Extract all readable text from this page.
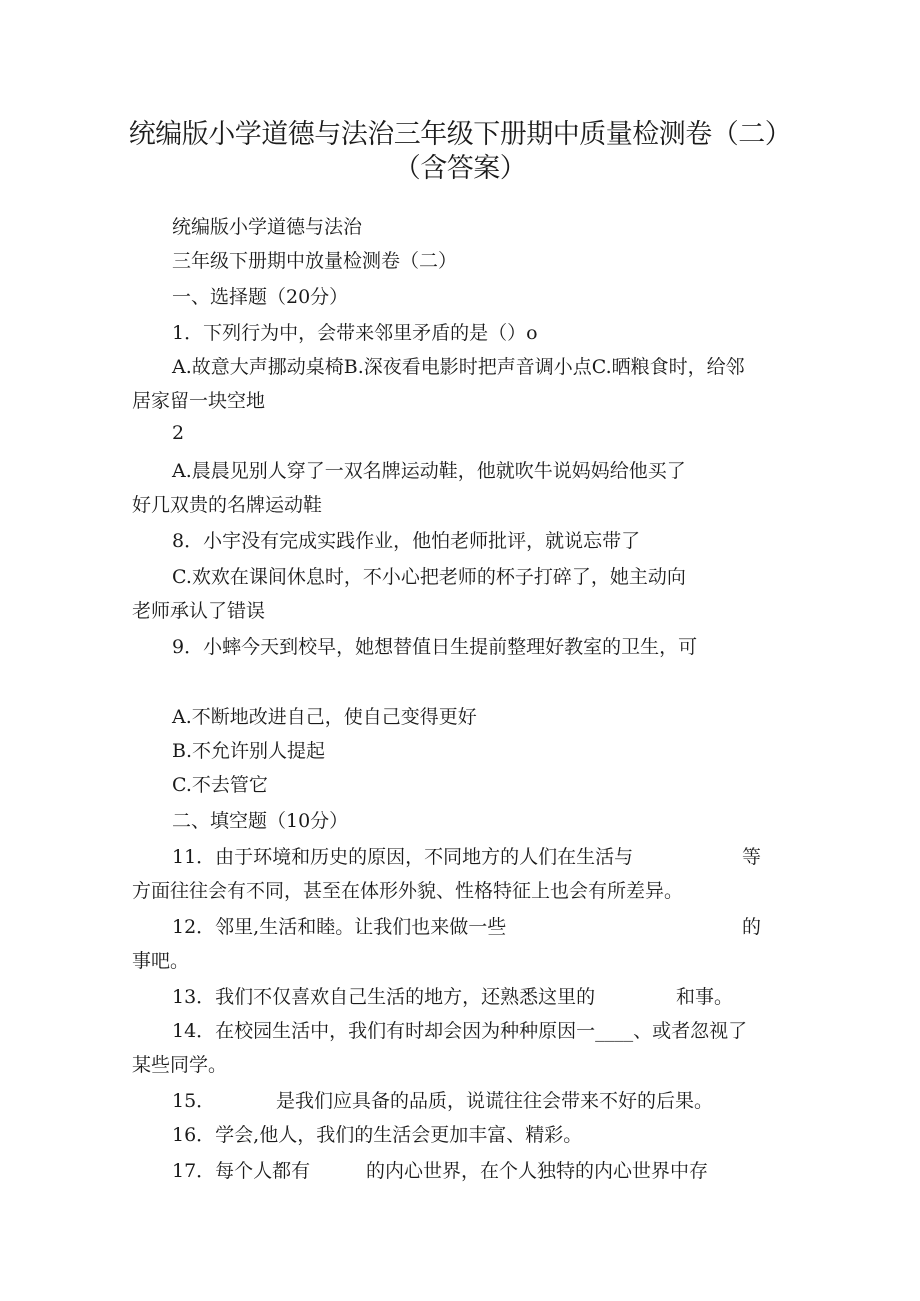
统编版小学道德与法治三年级下册期中质量检测卷（二）
（含答案）
统编版小学道德与法治
三年级下册期中放量检测卷（二）
一、选择题（20分）
1．下列行为中，会带来邻里矛盾的是（）o
A.故意大声挪动桌椅B.深夜看电影时把声音调小点C.晒粮食时，给邻
居家留一块空地
2
A.晨晨见别人穿了一双名牌运动鞋，他就吹牛说妈妈给他买了
好几双贵的名牌运动鞋
8．小宇没有完成实践作业，他怕老师批评，就说忘带了
C.欢欢在课间休息时，不小心把老师的杯子打碎了，她主动向
老师承认了错误
9．小蟀今天到校早，她想替值日生提前整理好教室的卫生，可
A.不断地改进自己，使自己变得更好
B.不允许别人提起
C.不去管它
二、填空题（10分）
11．由于环境和历史的原因，不同地方的人们在生活与	等
方面往往会有不同，甚至在体形外貌、性格特征上也会有所差异。
12．邻里,生活和睦。让我们也来做一些	的
事吧。
13．我们不仅喜欢自己生活的地方，还熟悉这里的	和事。
14．在校园生活中，我们有时却会因为种种原因一____、或者忽视了
某些同学。
15．	是我们应具备的品质，说谎往往会带来不好的后果。
16．学会,他人，我们的生活会更加丰富、精彩。
17．每个人都有	的内心世界，在个人独特的内心世界中存
